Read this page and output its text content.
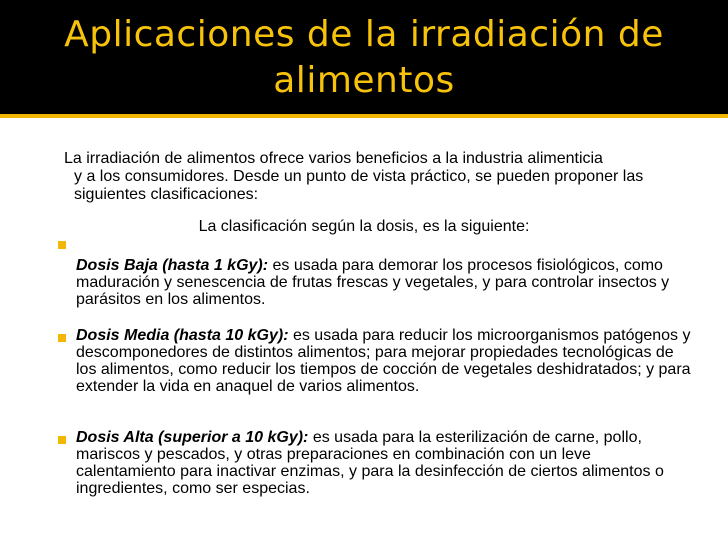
Aplicaciones de la irradiación de alimentos
La irradiación de alimentos ofrece varios beneficios a la industria alimenticia
y a los consumidores. Desde un punto de vista práctico, se pueden proponer las siguientes clasificaciones:
La clasificación según la dosis, es la siguiente:
Dosis Baja (hasta 1 kGy): es usada para demorar los procesos fisiológicos, como maduración y senescencia de frutas frescas y vegetales, y para controlar insectos y parásitos en los alimentos.
Dosis Media (hasta 10 kGy): es usada para reducir los microorganismos patógenos y descomponedores de distintos alimentos; para mejorar propiedades tecnológicas de los alimentos, como reducir los tiempos de cocción de vegetales deshidratados; y para extender la vida en anaquel de varios alimentos.
Dosis Alta (superior a 10 kGy): es usada para la esterilización de carne, pollo, mariscos y pescados, y otras preparaciones en combinación con un leve calentamiento para inactivar enzimas, y para la desinfección de ciertos alimentos o ingredientes, como ser especias.
